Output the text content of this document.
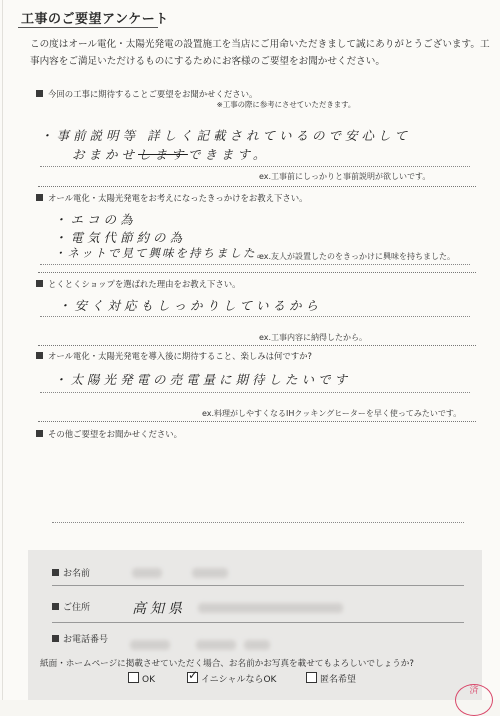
工事のご要望アンケート
この度はオール電化・太陽光発電の設置施工を当店にご用命いただきまして誠にありがとうございます。工事内容をご満足いただけるものにするためにお客様のご要望をお聞かせください。
今回の工事に期待することご要望をお聞かせください。
※工事の際に参考にさせていただきます。
・事前説明等 詳しく記載されているので安心して
おまかせしますできます。
ex.工事前にしっかりと事前説明が欲しいです。
オール電化・太陽光発電をお考えになったきっかけをお教え下さい。
・エコの為
・電気代節約の為
・ネットで見て興味を持ちました。
ex.友人が設置したのをきっかけに興味を持ちました。
とくとくショップを選ばれた理由をお教え下さい。
・安く対応もしっかりしているから
ex.工事内容に納得したから。
オール電化・太陽光発電を導入後に期待すること、楽しみは何ですか?
・太陽光発電の売電量に期待したいです
ex.料理がしやすくなるIHクッキングヒーターを早く使ってみたいです。
その他ご要望をお聞かせください。
お名前
ご住所	高知県
お電話番号
紙面・ホームページに掲載させていただく場合、お名前かお写真を載せてもよろしいでしょうか?
OK
✓	イニシャルならOK	匿名希望
済
